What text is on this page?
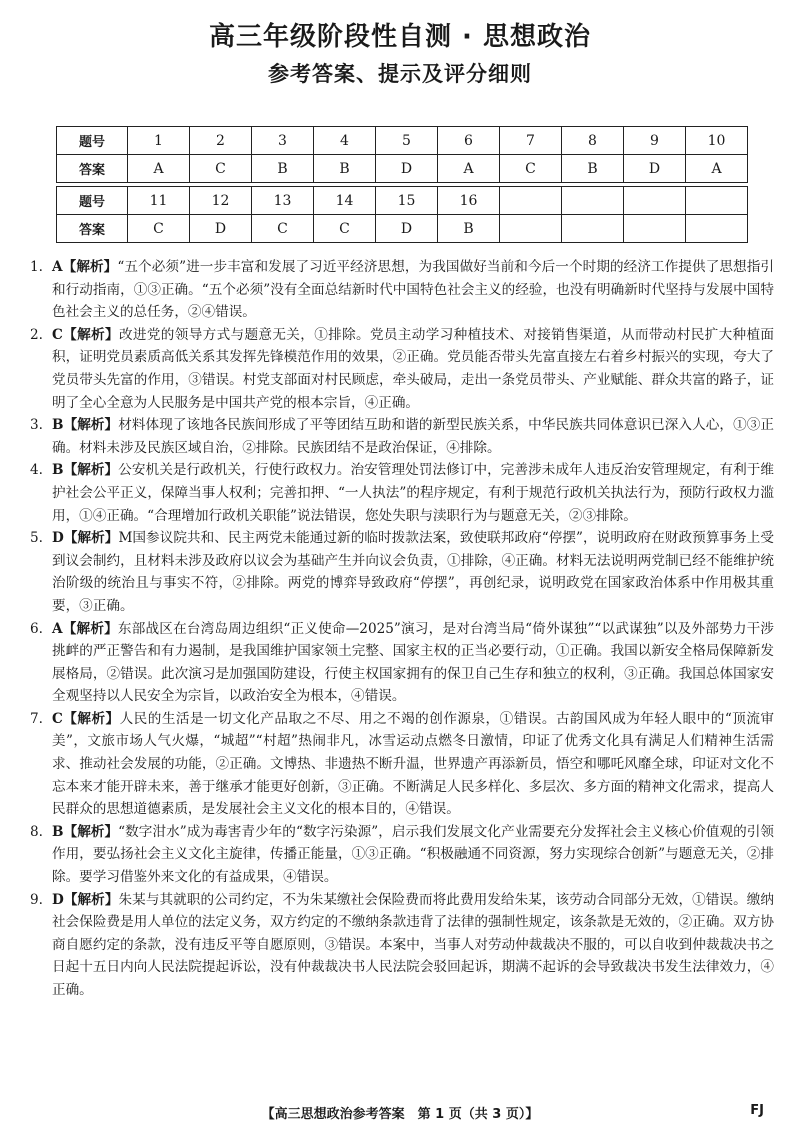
高三年级阶段性自测 · 思想政治
参考答案、提示及评分细则
题号	1	2	3	4	5	6	7	8	9	10
答案	A	C	B	B	D	A	C	B	D	A

题号	11	12	13	14	15	16				
答案	C	D	C	C	D	B				

1. A【解析】“五个必须”进一步丰富和发展了习近平经济思想，为我国做好当前和今后一个时期的经济工作提供了思想指引和行动指南，①③正确。“五个必须”没有全面总结新时代中国特色社会主义的经验，也没有明确新时代坚持与发展中国特色社会主义的总任务，②④错误。

2. C【解析】改进党的领导方式与题意无关，①排除。党员主动学习种植技术、对接销售渠道，从而带动村民扩大种植面积，证明党员素质高低关系其发挥先锋模范作用的效果，②正确。党员能否带头先富直接左右着乡村振兴的实现，夸大了党员带头先富的作用，③错误。村党支部面对村民顾虑，牵头破局，走出一条党员带头、产业赋能、群众共富的路子，证明了全心全意为人民服务是中国共产党的根本宗旨，④正确。

3. B【解析】材料体现了该地各民族间形成了平等团结互助和谐的新型民族关系，中华民族共同体意识已深入人心，①③正确。材料未涉及民族区域自治，②排除。民族团结不是政治保证，④排除。

4. B【解析】公安机关是行政机关，行使行政权力。治安管理处罚法修订中，完善涉未成年人违反治安管理规定，有利于维护社会公平正义，保障当事人权利；完善扣押、“一人执法”的程序规定，有利于规范行政机关执法行为，预防行政权力滥用，①④正确。“合理增加行政机关职能”说法错误，您处失职与渎职行为与题意无关，②③排除。

5. D【解析】M国参议院共和、民主两党未能通过新的临时拨款法案，致使联邦政府“停摆”，说明政府在财政预算事务上受到议会制约，且材料未涉及政府以议会为基础产生并向议会负责，①排除，④正确。材料无法说明两党制已经不能维护统治阶级的统治且与事实不符，②排除。两党的博弈导致政府“停摆”，再创纪录，说明政党在国家政治体系中作用极其重要，③正确。

6. A【解析】东部战区在台湾岛周边组织“正义使命—2025”演习，是对台湾当局“倚外谋独”“以武谋独”以及外部势力干涉挑衅的严正警告和有力遏制，是我国维护国家领土完整、国家主权的正当必要行动，①正确。我国以新安全格局保障新发展格局，②错误。此次演习是加强国防建设，行使主权国家拥有的保卫自己生存和独立的权利，③正确。我国总体国家安全观坚持以人民安全为宗旨，以政治安全为根本，④错误。

7. C【解析】人民的生活是一切文化产品取之不尽、用之不竭的创作源泉，①错误。古韵国风成为年轻人眼中的“顶流审美”，文旅市场人气火爆，“城超”“村超”热闹非凡，冰雪运动点燃冬日激情，印证了优秀文化具有满足人们精神生活需求、推动社会发展的功能，②正确。文博热、非遗热不断升温，世界遗产再添新员，悟空和哪吒风靡全球，印证对文化不忘本来才能开辟未来，善于继承才能更好创新，③正确。不断满足人民多样化、多层次、多方面的精神文化需求，提高人民群众的思想道德素质，是发展社会主义文化的根本目的，④错误。

8. B【解析】“数字泔水”成为毒害青少年的“数字污染源”，启示我们发展文化产业需要充分发挥社会主义核心价值观的引领作用，要弘扬社会主义文化主旋律，传播正能量，①③正确。“积极融通不同资源，努力实现综合创新”与题意无关，②排除。要学习借鉴外来文化的有益成果，④错误。

9. D【解析】朱某与其就职的公司约定，不为朱某缴社会保险费而将此费用发给朱某，该劳动合同部分无效，①错误。缴纳社会保险费是用人单位的法定义务，双方约定的不缴纳条款违背了法律的强制性规定，该条款是无效的，②正确。双方协商自愿约定的条款，没有违反平等自愿原则，③错误。本案中，当事人对劳动仲裁裁决不服的，可以自收到仲裁裁决书之日起十五日内向人民法院提起诉讼，没有仲裁裁决书人民法院会驳回起诉，期满不起诉的会导致裁决书发生法律效力，④正确。

【高三思想政治参考答案　第 1 页（共 3 页）】	FJ
